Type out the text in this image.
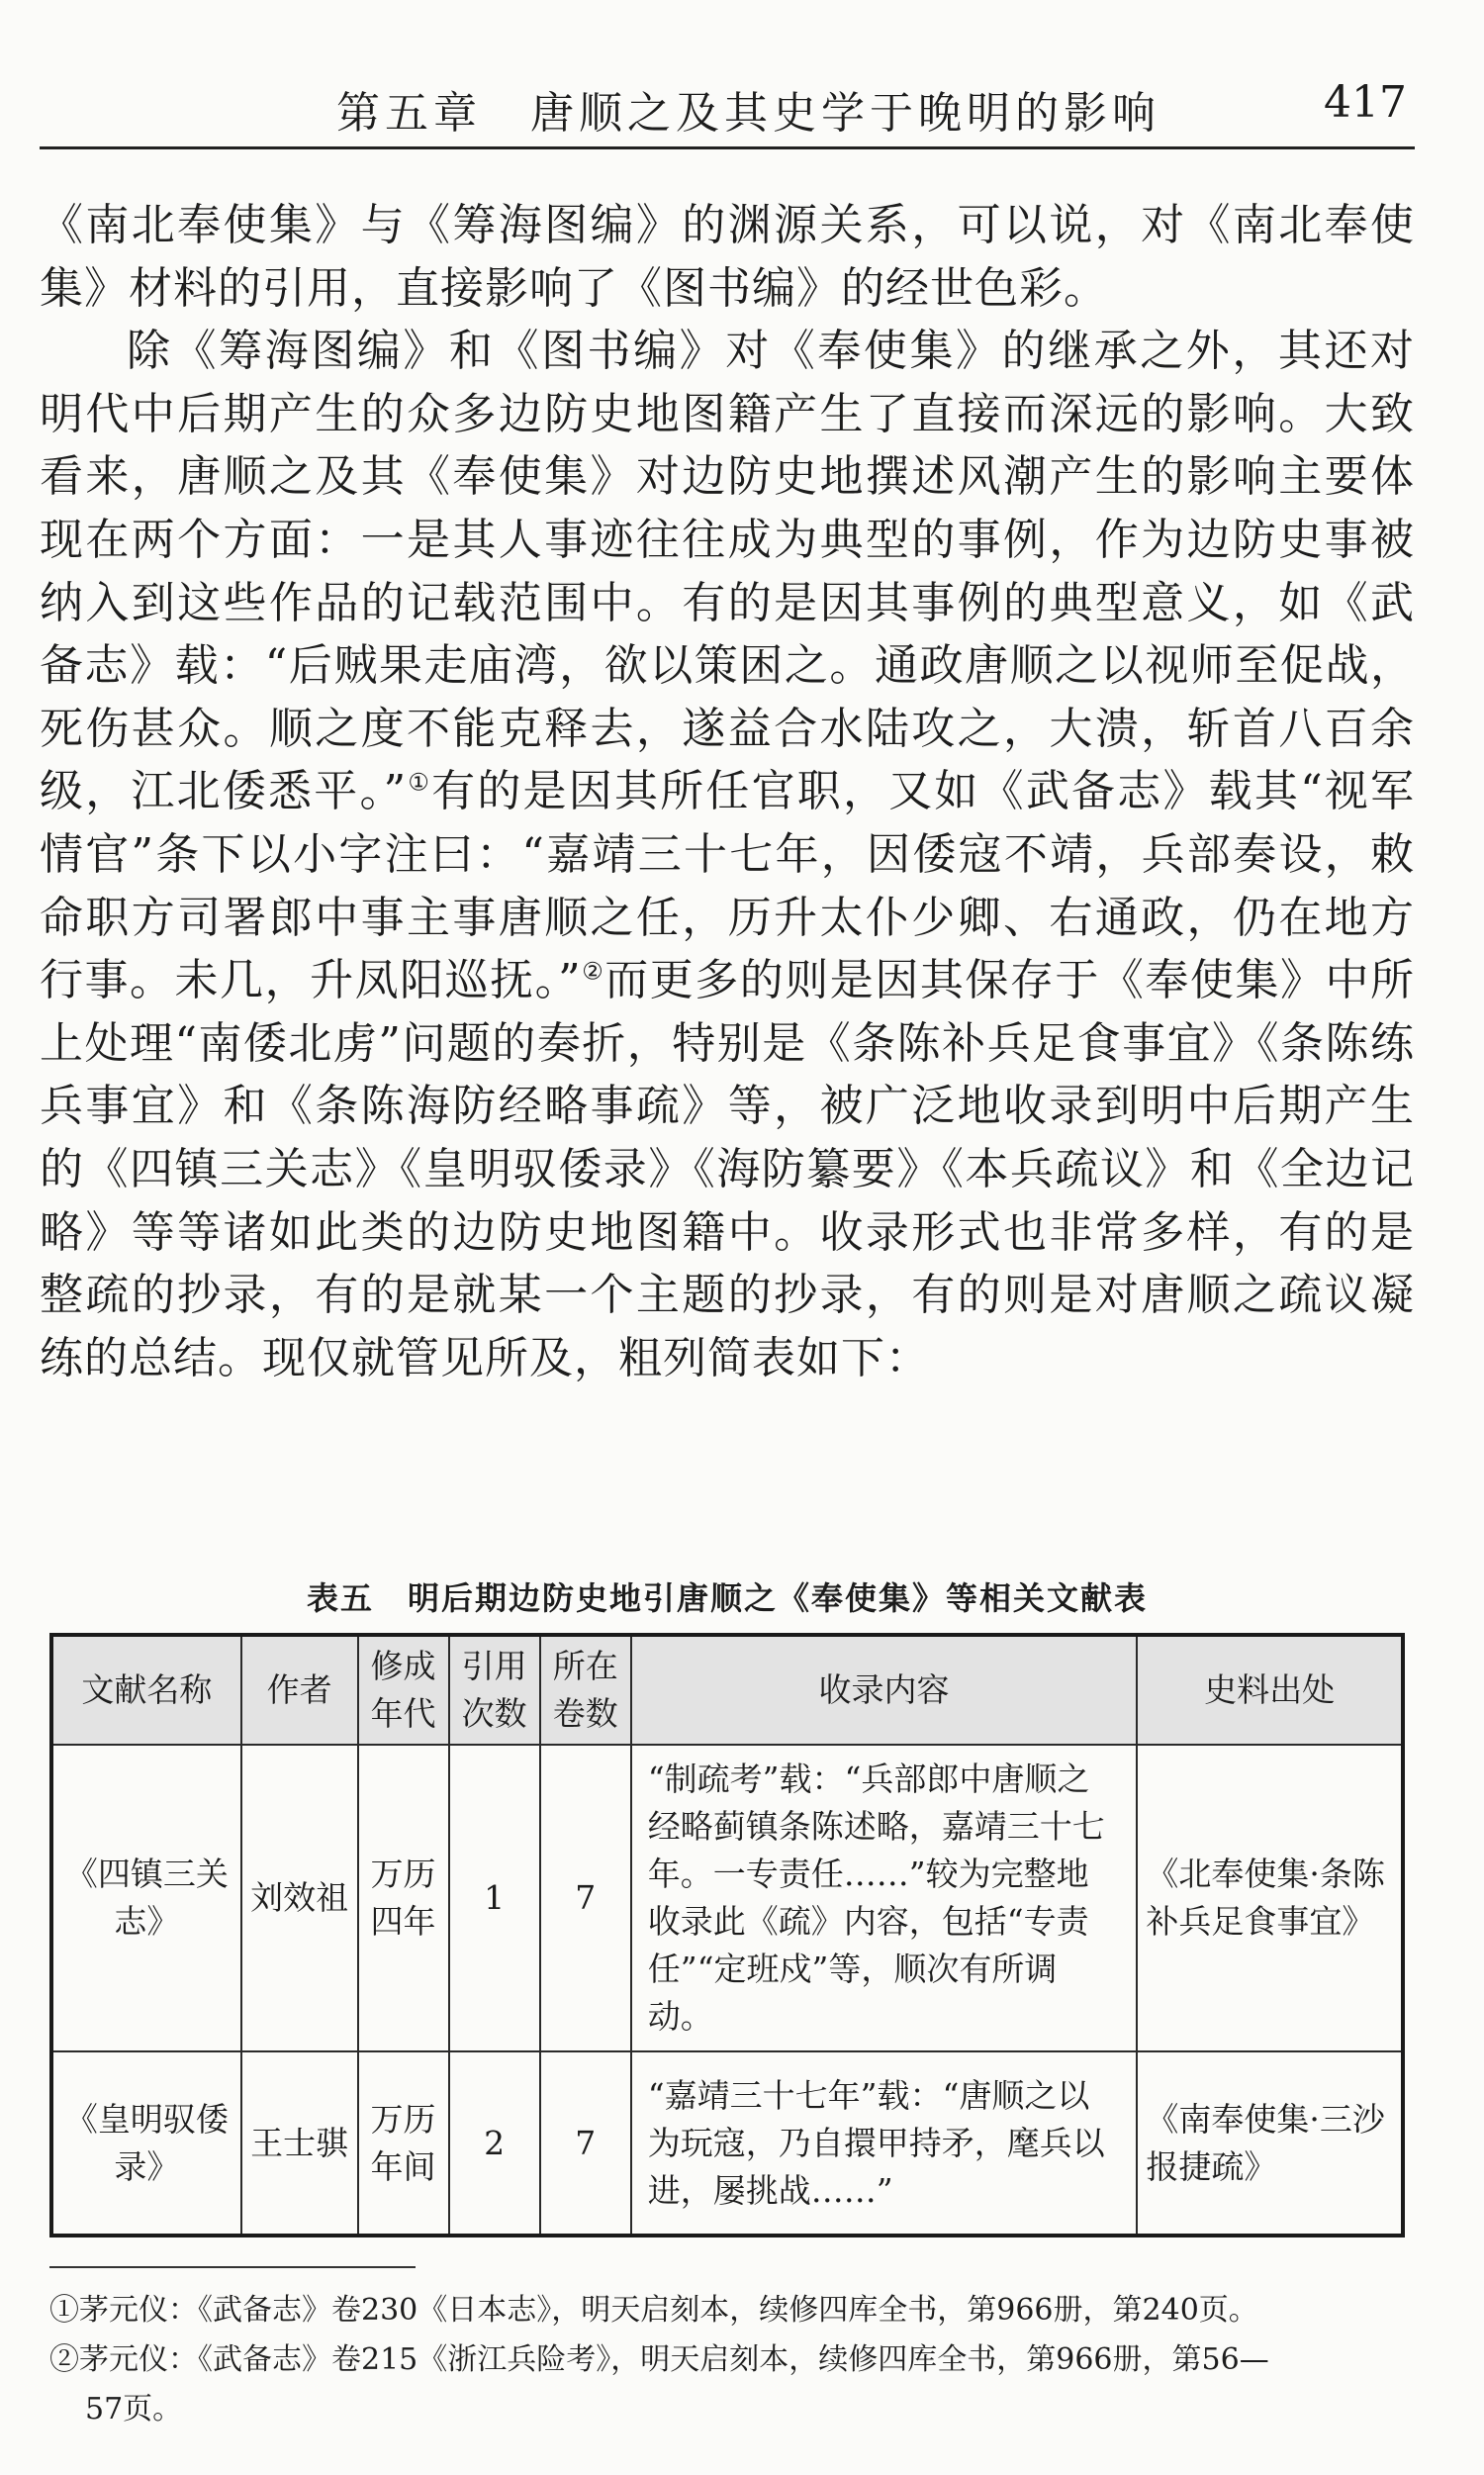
第五章　唐顺之及其史学于晚明的影响	417

《南北奉使集》与《筹海图编》的渊源关系，可以说，对《南北奉使集》材料的引用，直接影响了《图书编》的经世色彩。

除《筹海图编》和《图书编》对《奉使集》的继承之外，其还对明代中后期产生的众多边防史地图籍产生了直接而深远的影响。大致看来，唐顺之及其《奉使集》对边防史地撰述风潮产生的影响主要体现在两个方面：一是其人事迹往往成为典型的事例，作为边防史事被纳入到这些作品的记载范围中。有的是因其事例的典型意义，如《武备志》载：“后贼果走庙湾，欲以策困之。通政唐顺之以视师至促战，死伤甚众。顺之度不能克释去，遂益合水陆攻之，大溃，斩首八百余级，江北倭悉平。”①有的是因其所任官职，又如《武备志》载其“视军情官”条下以小字注曰：“嘉靖三十七年，因倭寇不靖，兵部奏设，敕命职方司署郎中事主事唐顺之任，历升太仆少卿、右通政，仍在地方行事。未几，升凤阳巡抚。”②而更多的则是因其保存于《奉使集》中所上处理“南倭北虏”问题的奏折，特别是《条陈补兵足食事宜》《条陈练兵事宜》和《条陈海防经略事疏》等，被广泛地收录到明中后期产生的《四镇三关志》《皇明驭倭录》《海防纂要》《本兵疏议》和《全边记略》等等诸如此类的边防史地图籍中。收录形式也非常多样，有的是整疏的抄录，有的是就某一个主题的抄录，有的则是对唐顺之疏议凝练的总结。现仅就管见所及，粗列简表如下：

表五　明后期边防史地引唐顺之《奉使集》等相关文献表
文献名称	作者	修成年代	引用次数	所在卷数	收录内容	史料出处
《四镇三关志》	刘效祖	万历四年	1	7	“制疏考”载：“兵部郎中唐顺之经略蓟镇条陈述略，嘉靖三十七年。一专责任……”较为完整地收录此《疏》内容，包括“专责任”“定班戍”等，顺次有所调动。	《北奉使集·条陈补兵足食事宜》
《皇明驭倭录》	王士骐	万历年间	2	7	“嘉靖三十七年”载：“唐顺之以为玩寇，乃自擐甲持矛，麾兵以进，屡挑战……”	《南奉使集·三沙报捷疏》

①茅元仪：《武备志》卷230《日本志》，明天启刻本，续修四库全书，第966册，第240页。

②茅元仪：《武备志》卷215《浙江兵险考》，明天启刻本，续修四库全书，第966册，第56—

57页。
